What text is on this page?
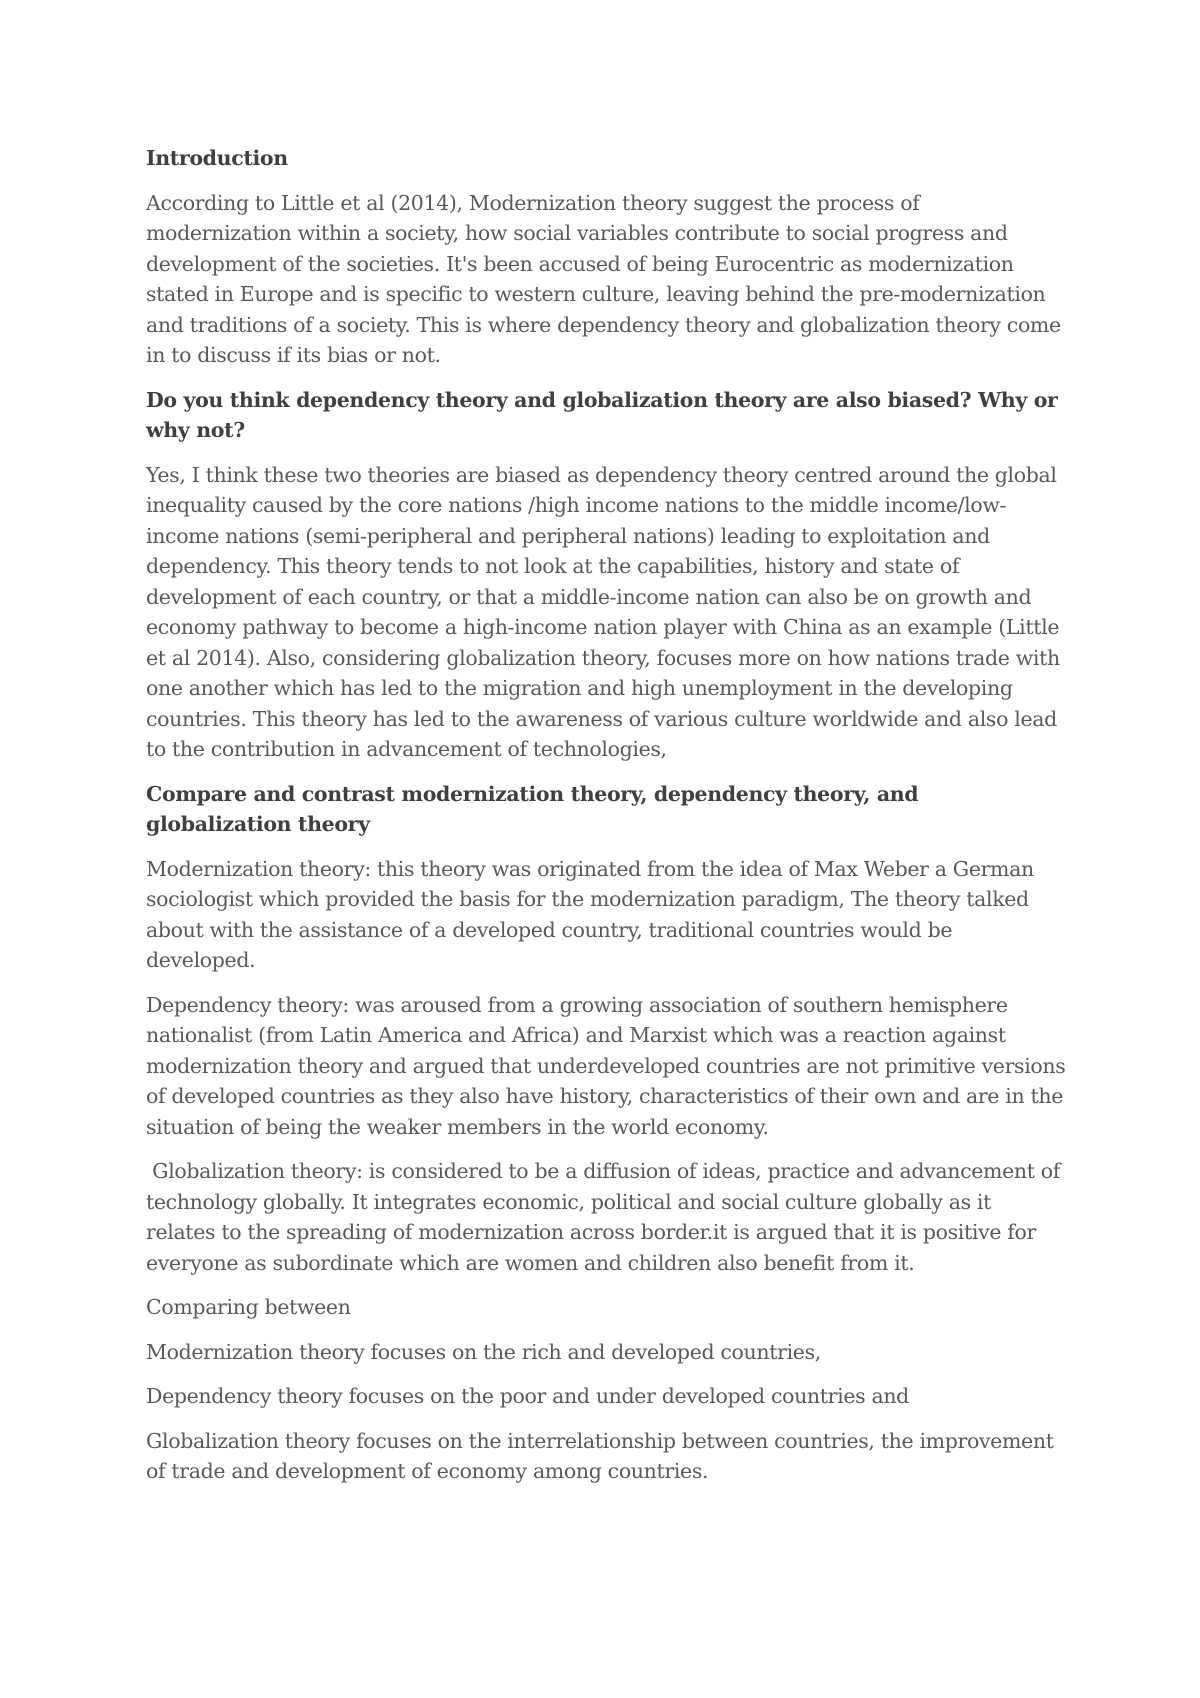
Introduction
According to Little et al (2014), Modernization theory suggest the process of modernization within a society, how social variables contribute to social progress and development of the societies. It's been accused of being Eurocentric as modernization stated in Europe and is specific to western culture, leaving behind the pre-modernization and traditions of a society. This is where dependency theory and globalization theory come in to discuss if its bias or not.
Do you think dependency theory and globalization theory are also biased? Why or why not?
Yes, I think these two theories are biased as dependency theory centred around the global inequality caused by the core nations /high income nations to the middle income/low-income nations (semi-peripheral and peripheral nations) leading to exploitation and dependency. This theory tends to not look at the capabilities, history and state of development of each country, or that a middle-income nation can also be on growth and economy pathway to become a high-income nation player with China as an example (Little et al 2014). Also, considering globalization theory, focuses more on how nations trade with one another which has led to the migration and high unemployment in the developing countries. This theory has led to the awareness of various culture worldwide and also lead to the contribution in advancement of technologies,
Compare and contrast modernization theory, dependency theory, and globalization theory
Modernization theory: this theory was originated from the idea of Max Weber a German sociologist which provided the basis for the modernization paradigm, The theory talked about with the assistance of a developed country, traditional countries would be developed.
Dependency theory: was aroused from a growing association of southern hemisphere nationalist (from Latin America and Africa) and Marxist which was a reaction against modernization theory and argued that underdeveloped countries are not primitive versions of developed countries as they also have history, characteristics of their own and are in the situation of being the weaker members in the world economy.
Globalization theory: is considered to be a diffusion of ideas, practice and advancement of technology globally. It integrates economic, political and social culture globally as it relates to the spreading of modernization across border.it is argued that it is positive for everyone as subordinate which are women and children also benefit from it.
Comparing between
Modernization theory focuses on the rich and developed countries,
Dependency theory focuses on the poor and under developed countries and
Globalization theory focuses on the interrelationship between countries, the improvement of trade and development of economy among countries.
